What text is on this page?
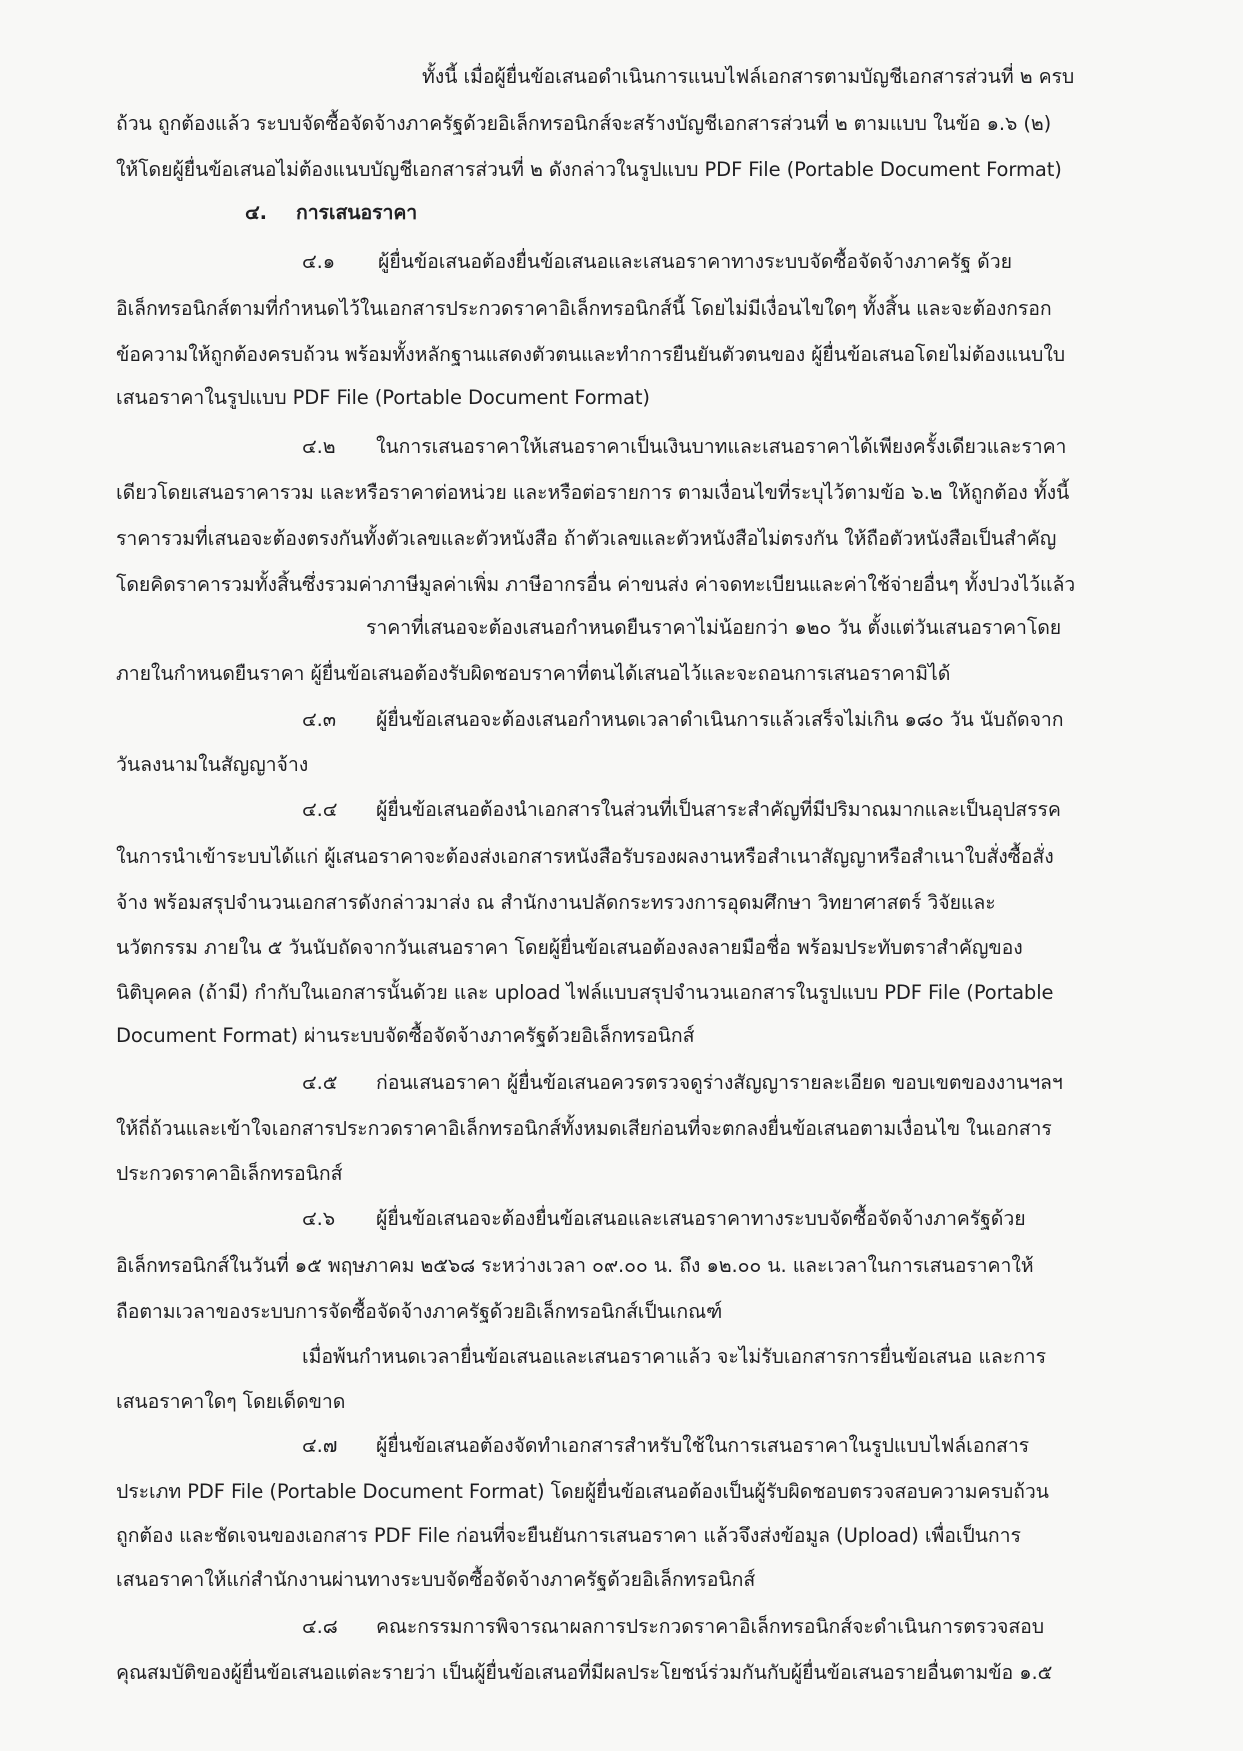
ทั้งนี้ เมื่อผู้ยื่นข้อเสนอดำเนินการแนบไฟล์เอกสารตามบัญชีเอกสารส่วนที่ ๒ ครบ
ถ้วน ถูกต้องแล้ว ระบบจัดซื้อจัดจ้างภาครัฐด้วยอิเล็กทรอนิกส์จะสร้างบัญชีเอกสารส่วนที่ ๒ ตามแบบ ในข้อ ๑.๖ (๒)
ให้โดยผู้ยื่นข้อเสนอไม่ต้องแนบบัญชีเอกสารส่วนที่ ๒ ดังกล่าวในรูปแบบ PDF File (Portable Document Format)
๔. การเสนอราคา
๔.๑ ผู้ยื่นข้อเสนอต้องยื่นข้อเสนอและเสนอราคาทางระบบจัดซื้อจัดจ้างภาครัฐ ด้วย
อิเล็กทรอนิกส์ตามที่กำหนดไว้ในเอกสารประกวดราคาอิเล็กทรอนิกส์นี้ โดยไม่มีเงื่อนไขใดๆ ทั้งสิ้น และจะต้องกรอก
ข้อความให้ถูกต้องครบถ้วน พร้อมทั้งหลักฐานแสดงตัวตนและทำการยืนยันตัวตนของ ผู้ยื่นข้อเสนอโดยไม่ต้องแนบใบ
เสนอราคาในรูปแบบ PDF File (Portable Document Format)
๔.๒ ในการเสนอราคาให้เสนอราคาเป็นเงินบาทและเสนอราคาได้เพียงครั้งเดียวและราคา
เดียวโดยเสนอราคารวม และหรือราคาต่อหน่วย และหรือต่อรายการ ตามเงื่อนไขที่ระบุไว้ตามข้อ ๖.๒ ให้ถูกต้อง ทั้งนี้
ราคารวมที่เสนอจะต้องตรงกันทั้งตัวเลขและตัวหนังสือ ถ้าตัวเลขและตัวหนังสือไม่ตรงกัน ให้ถือตัวหนังสือเป็นสำคัญ
โดยคิดราคารวมทั้งสิ้นซึ่งรวมค่าภาษีมูลค่าเพิ่ม ภาษีอากรอื่น ค่าขนส่ง ค่าจดทะเบียนและค่าใช้จ่ายอื่นๆ ทั้งปวงไว้แล้ว
ราคาที่เสนอจะต้องเสนอกำหนดยืนราคาไม่น้อยกว่า ๑๒๐ วัน ตั้งแต่วันเสนอราคาโดย
ภายในกำหนดยืนราคา ผู้ยื่นข้อเสนอต้องรับผิดชอบราคาที่ตนได้เสนอไว้และจะถอนการเสนอราคามิได้
๔.๓ ผู้ยื่นข้อเสนอจะต้องเสนอกำหนดเวลาดำเนินการแล้วเสร็จไม่เกิน ๑๘๐ วัน นับถัดจาก
วันลงนามในสัญญาจ้าง
๔.๔ ผู้ยื่นข้อเสนอต้องนำเอกสารในส่วนที่เป็นสาระสำคัญที่มีปริมาณมากและเป็นอุปสรรค
ในการนำเข้าระบบได้แก่ ผู้เสนอราคาจะต้องส่งเอกสารหนังสือรับรองผลงานหรือสำเนาสัญญาหรือสำเนาใบสั่งซื้อสั่ง
จ้าง พร้อมสรุปจำนวนเอกสารดังกล่าวมาส่ง ณ สำนักงานปลัดกระทรวงการอุดมศึกษา วิทยาศาสตร์ วิจัยและ
นวัตกรรม ภายใน ๕ วันนับถัดจากวันเสนอราคา โดยผู้ยื่นข้อเสนอต้องลงลายมือชื่อ พร้อมประทับตราสำคัญของ
นิติบุคคล (ถ้ามี) กำกับในเอกสารนั้นด้วย และ upload ไฟล์แบบสรุปจำนวนเอกสารในรูปแบบ PDF File (Portable
Document Format) ผ่านระบบจัดซื้อจัดจ้างภาครัฐด้วยอิเล็กทรอนิกส์
๔.๕ ก่อนเสนอราคา ผู้ยื่นข้อเสนอควรตรวจดูร่างสัญญารายละเอียด ขอบเขตของงานฯลฯ
ให้ถี่ถ้วนและเข้าใจเอกสารประกวดราคาอิเล็กทรอนิกส์ทั้งหมดเสียก่อนที่จะตกลงยื่นข้อเสนอตามเงื่อนไข ในเอกสาร
ประกวดราคาอิเล็กทรอนิกส์
๔.๖ ผู้ยื่นข้อเสนอจะต้องยื่นข้อเสนอและเสนอราคาทางระบบจัดซื้อจัดจ้างภาครัฐด้วย
อิเล็กทรอนิกส์ในวันที่ ๑๕ พฤษภาคม ๒๕๖๘ ระหว่างเวลา ๐๙.๐๐ น. ถึง ๑๒.๐๐ น. และเวลาในการเสนอราคาให้
ถือตามเวลาของระบบการจัดซื้อจัดจ้างภาครัฐด้วยอิเล็กทรอนิกส์เป็นเกณฑ์
เมื่อพ้นกำหนดเวลายื่นข้อเสนอและเสนอราคาแล้ว จะไม่รับเอกสารการยื่นข้อเสนอ และการ
เสนอราคาใดๆ โดยเด็ดขาด
๔.๗ ผู้ยื่นข้อเสนอต้องจัดทำเอกสารสำหรับใช้ในการเสนอราคาในรูปแบบไฟล์เอกสาร
ประเภท PDF File (Portable Document Format) โดยผู้ยื่นข้อเสนอต้องเป็นผู้รับผิดชอบตรวจสอบความครบถ้วน
ถูกต้อง และชัดเจนของเอกสาร PDF File ก่อนที่จะยืนยันการเสนอราคา แล้วจึงส่งข้อมูล (Upload) เพื่อเป็นการ
เสนอราคาให้แก่สำนักงานผ่านทางระบบจัดซื้อจัดจ้างภาครัฐด้วยอิเล็กทรอนิกส์
๔.๘ คณะกรรมการพิจารณาผลการประกวดราคาอิเล็กทรอนิกส์จะดำเนินการตรวจสอบ
คุณสมบัติของผู้ยื่นข้อเสนอแต่ละรายว่า เป็นผู้ยื่นข้อเสนอที่มีผลประโยชน์ร่วมกันกับผู้ยื่นข้อเสนอรายอื่นตามข้อ ๑.๕
